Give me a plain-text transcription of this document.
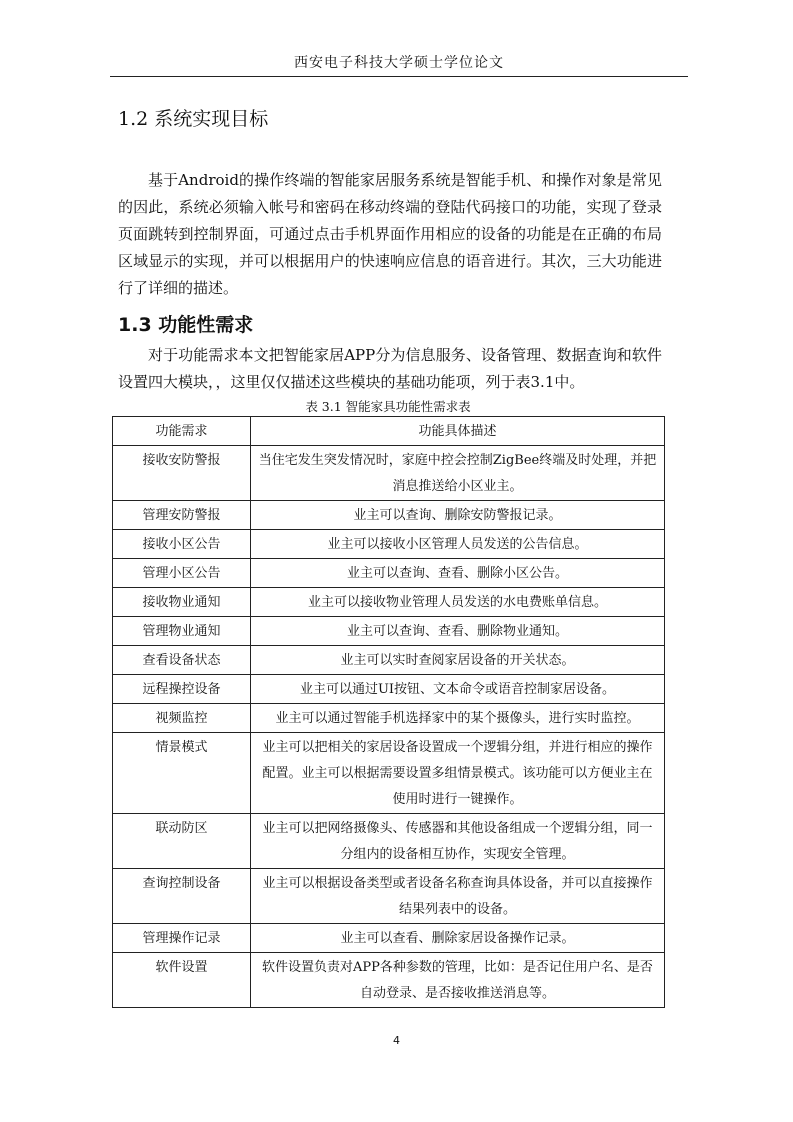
西安电子科技大学硕士学位论文
1.2 系统实现目标
基于Android的操作终端的智能家居服务系统是智能手机、和操作对象是常见的因此，系统必须输入帐号和密码在移动终端的登陆代码接口的功能，实现了登录页面跳转到控制界面，可通过点击手机界面作用相应的设备的功能是在正确的布局区域显示的实现，并可以根据用户的快速响应信息的语音进行。其次，三大功能进行了详细的描述。
1.3 功能性需求
对于功能需求本文把智能家居APP分为信息服务、设备管理、数据查询和软件设置四大模块，，这里仅仅描述这些模块的基础功能项，列于表3.1中。
表 3.1 智能家具功能性需求表
功能需求	功能具体描述
接收安防警报	当住宅发生突发情况时，家庭中控会控制ZigBee终端及时处理，并把消息推送给小区业主。
管理安防警报	业主可以查询、删除安防警报记录。
接收小区公告	业主可以接收小区管理人员发送的公告信息。
管理小区公告	业主可以查询、查看、删除小区公告。
接收物业通知	业主可以接收物业管理人员发送的水电费账单信息。
管理物业通知	业主可以查询、查看、删除物业通知。
查看设备状态	业主可以实时查阅家居设备的开关状态。
远程操控设备	业主可以通过UI按钮、文本命令或语音控制家居设备。
视频监控	业主可以通过智能手机选择家中的某个摄像头，进行实时监控。
情景模式	业主可以把相关的家居设备设置成一个逻辑分组，并进行相应的操作配置。业主可以根据需要设置多组情景模式。该功能可以方便业主在使用时进行一键操作。
联动防区	业主可以把网络摄像头、传感器和其他设备组成一个逻辑分组，同一分组内的设备相互协作，实现安全管理。
查询控制设备	业主可以根据设备类型或者设备名称查询具体设备，并可以直接操作结果列表中的设备。
管理操作记录	业主可以查看、删除家居设备操作记录。
软件设置	软件设置负责对APP各种参数的管理，比如：是否记住用户名、是否自动登录、是否接收推送消息等。
4
